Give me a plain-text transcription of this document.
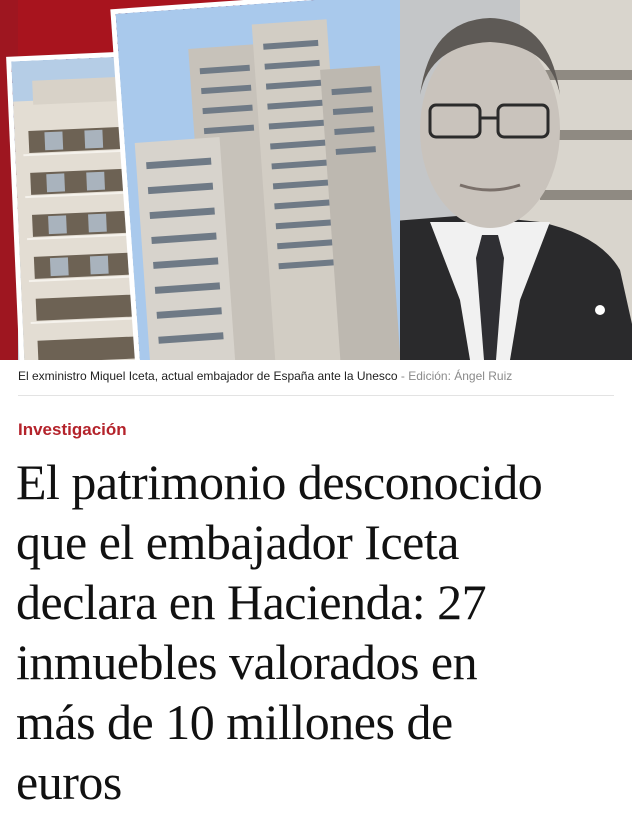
El exministro Miquel Iceta, actual embajador de España ante la Unesco - Edición: Ángel Ruiz
Investigación
El patrimonio desconocido
que el embajador Iceta
declara en Hacienda: 27
inmuebles valorados en
más de 10 millones de
euros
